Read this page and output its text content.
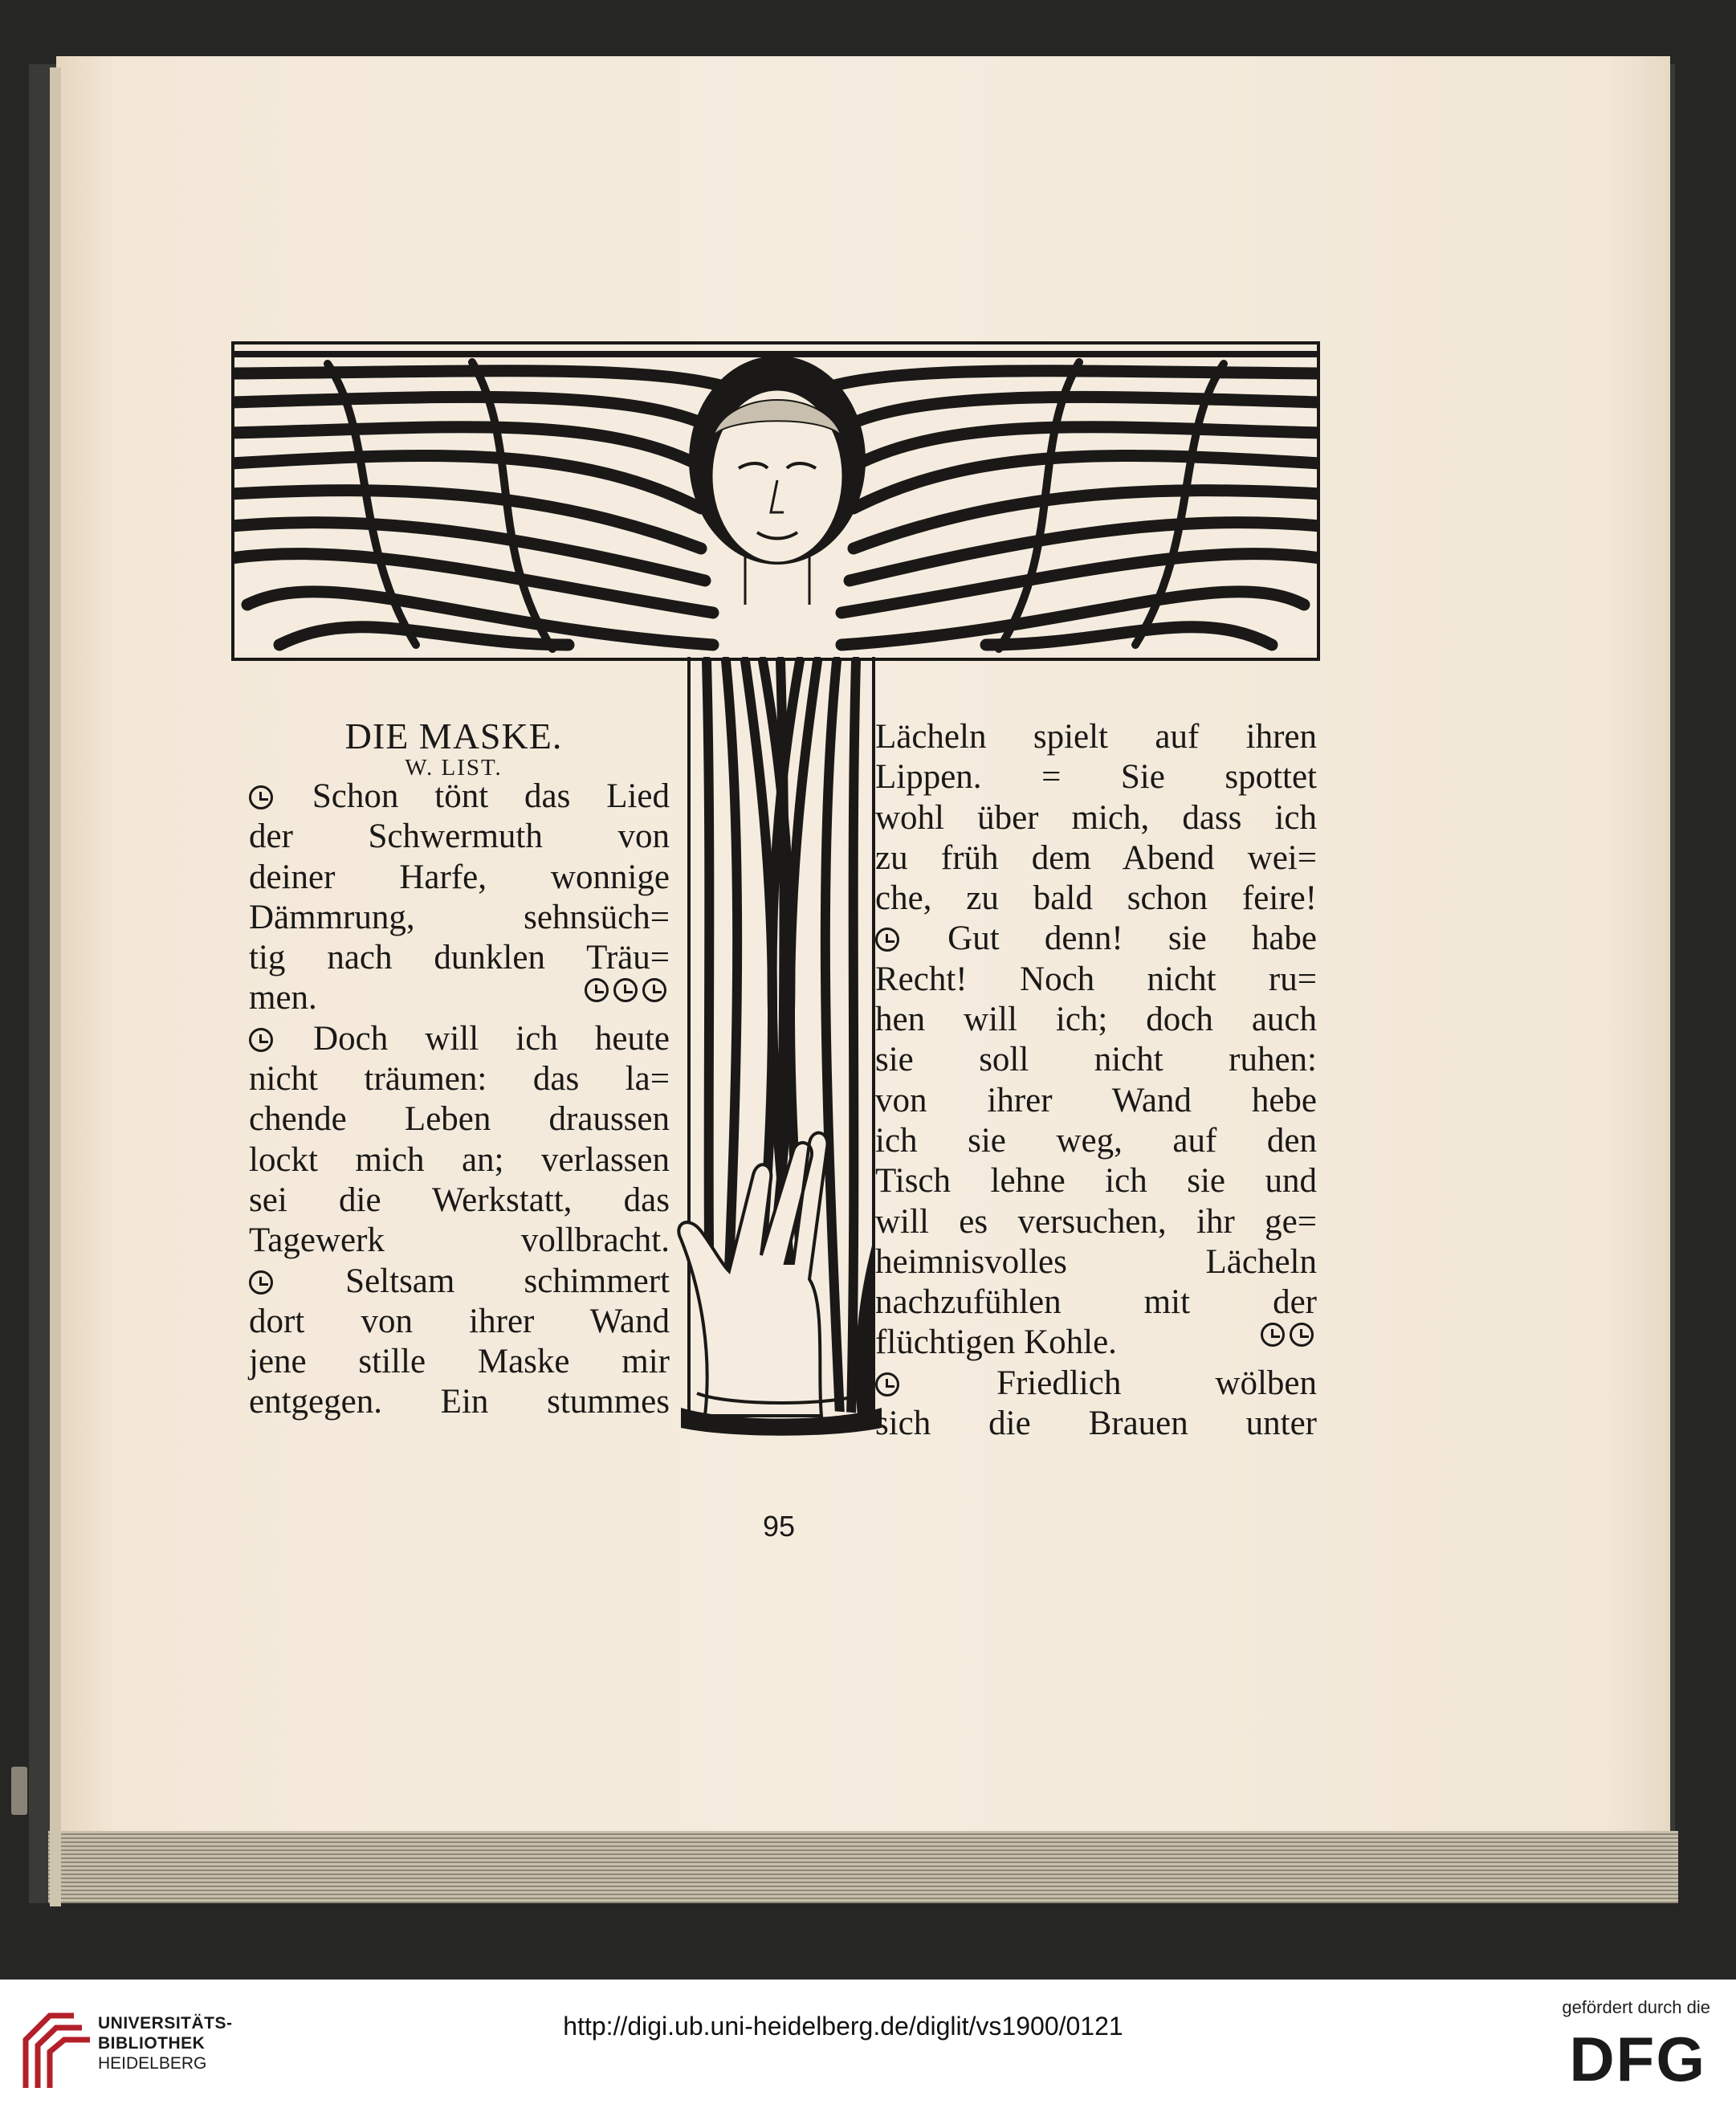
DIE MASKE.
W. LIST.
Schon tönt das Lied
der Schwermuth von
deiner Harfe, wonnige
Dämmrung, sehnsüch=
tig nach dunklen Träu=
men.
Doch will ich heute
nicht träumen: das la=
chende Leben draussen
lockt mich an; verlassen
sei die Werkstatt, das
Tagewerk vollbracht.
Seltsam schimmert
dort von ihrer Wand
jene stille Maske mir
entgegen. Ein stummes
Lächeln spielt auf ihren
Lippen. = Sie spottet
wohl über mich, dass ich
zu früh dem Abend wei=
che, zu bald schon feire!
Gut denn! sie habe
Recht! Noch nicht ru=
hen will ich; doch auch
sie soll nicht ruhen:
von ihrer Wand hebe
ich sie weg, auf den
Tisch lehne ich sie und
will es versuchen, ihr ge=
heimnisvolles Lächeln
nachzufühlen mit der
flüchtigen Kohle.
Friedlich wölben
sich die Brauen unter
95
UNIVERSITÄTS-
BIBLIOTHEK
HEIDELBERG
http://digi.ub.uni-heidelberg.de/diglit/vs1900/0121
gefördert durch die
DFG
